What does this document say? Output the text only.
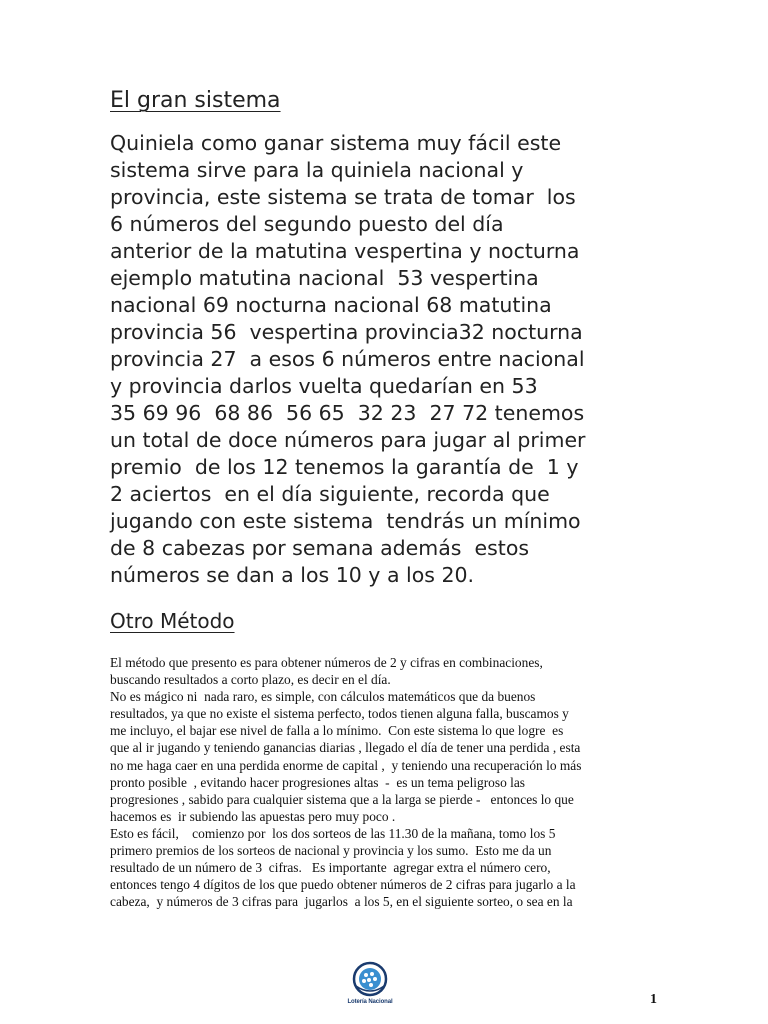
El gran sistema
Quiniela como ganar sistema muy fácil este
sistema sirve para la quiniela nacional y
provincia, este sistema se trata de tomar  los
6 números del segundo puesto del día
anterior de la matutina vespertina y nocturna
ejemplo matutina nacional  53 vespertina
nacional 69 nocturna nacional 68 matutina
provincia 56  vespertina provincia32 nocturna
provincia 27  a esos 6 números entre nacional
y provincia darlos vuelta quedarían en 53
35 69 96  68 86  56 65  32 23  27 72 tenemos
un total de doce números para jugar al primer
premio  de los 12 tenemos la garantía de  1 y
2 aciertos  en el día siguiente, recorda que
jugando con este sistema  tendrás un mínimo
de 8 cabezas por semana además  estos
números se dan a los 10 y a los 20.
Otro Método
El método que presento es para obtener números de 2 y cifras en combinaciones,
buscando resultados a corto plazo, es decir en el día.
No es mágico ni  nada raro, es simple, con cálculos matemáticos que da buenos
resultados, ya que no existe el sistema perfecto, todos tienen alguna falla, buscamos y
me incluyo, el bajar ese nivel de falla a lo mínimo.  Con este sistema lo que logre  es
que al ir jugando y teniendo ganancias diarias , llegado el día de tener una perdida , esta
no me haga caer en una perdida enorme de capital ,  y teniendo una recuperación lo más
pronto posible  , evitando hacer progresiones altas  -  es un tema peligroso las
progresiones , sabido para cualquier sistema que a la larga se pierde -   entonces lo que
hacemos es  ir subiendo las apuestas pero muy poco .
Esto es fácil,    comienzo por  los dos sorteos de las 11.30 de la mañana, tomo los 5
primero premios de los sorteos de nacional y provincia y los sumo.  Esto me da un
resultado de un número de 3  cifras.   Es importante  agregar extra el número cero,
entonces tengo 4 dígitos de los que puedo obtener números de 2 cifras para jugarlo a la
cabeza,  y números de 3 cifras para  jugarlos  a los 5, en el siguiente sorteo, o sea en la
Lotería Nacional	1
